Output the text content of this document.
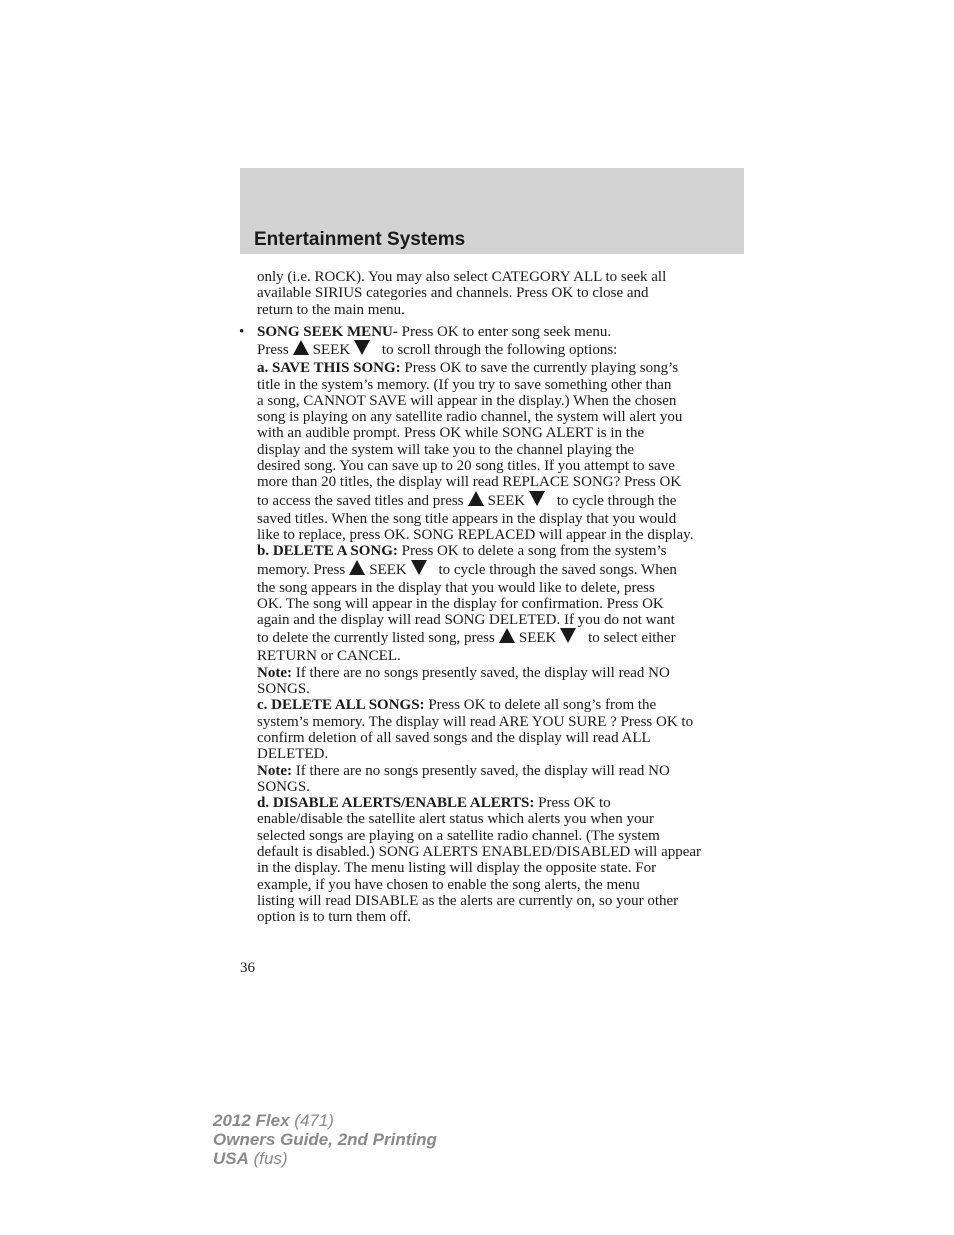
Entertainment Systems

only (i.e. ROCK). You may also select CATEGORY ALL to seek all
available SIRIUS categories and channels. Press OK to close and
return to the main menu.

• SONG SEEK MENU- Press OK to enter song seek menu.

Press SEEK to scroll through the following options:

a. SAVE THIS SONG: Press OK to save the currently playing song’s
title in the system’s memory. (If you try to save something other than
a song, CANNOT SAVE will appear in the display.) When the chosen
song is playing on any satellite radio channel, the system will alert you
with an audible prompt. Press OK while SONG ALERT is in the
display and the system will take you to the channel playing the
desired song. You can save up to 20 song titles. If you attempt to save
more than 20 titles, the display will read REPLACE SONG? Press OK

to access the saved titles and press SEEK to cycle through the

saved titles. When the song title appears in the display that you would
like to replace, press OK. SONG REPLACED will appear in the display.

b. DELETE A SONG: Press OK to delete a song from the system’s

memory. Press SEEK to cycle through the saved songs. When

the song appears in the display that you would like to delete, press
OK. The song will appear in the display for confirmation. Press OK
again and the display will read SONG DELETED. If you do not want

to delete the currently listed song, press SEEK to select either

RETURN or CANCEL.

Note: If there are no songs presently saved, the display will read NO
SONGS.

c. DELETE ALL SONGS: Press OK to delete all song’s from the
system’s memory. The display will read ARE YOU SURE ? Press OK to
confirm deletion of all saved songs and the display will read ALL
DELETED.

Note: If there are no songs presently saved, the display will read NO
SONGS.

d. DISABLE ALERTS/ENABLE ALERTS: Press OK to
enable/disable the satellite alert status which alerts you when your
selected songs are playing on a satellite radio channel. (The system
default is disabled.) SONG ALERTS ENABLED/DISABLED will appear
in the display. The menu listing will display the opposite state. For
example, if you have chosen to enable the song alerts, the menu
listing will read DISABLE as the alerts are currently on, so your other
option is to turn them off.

36
2012 Flex (471)
Owners Guide, 2nd Printing
USA (fus)
